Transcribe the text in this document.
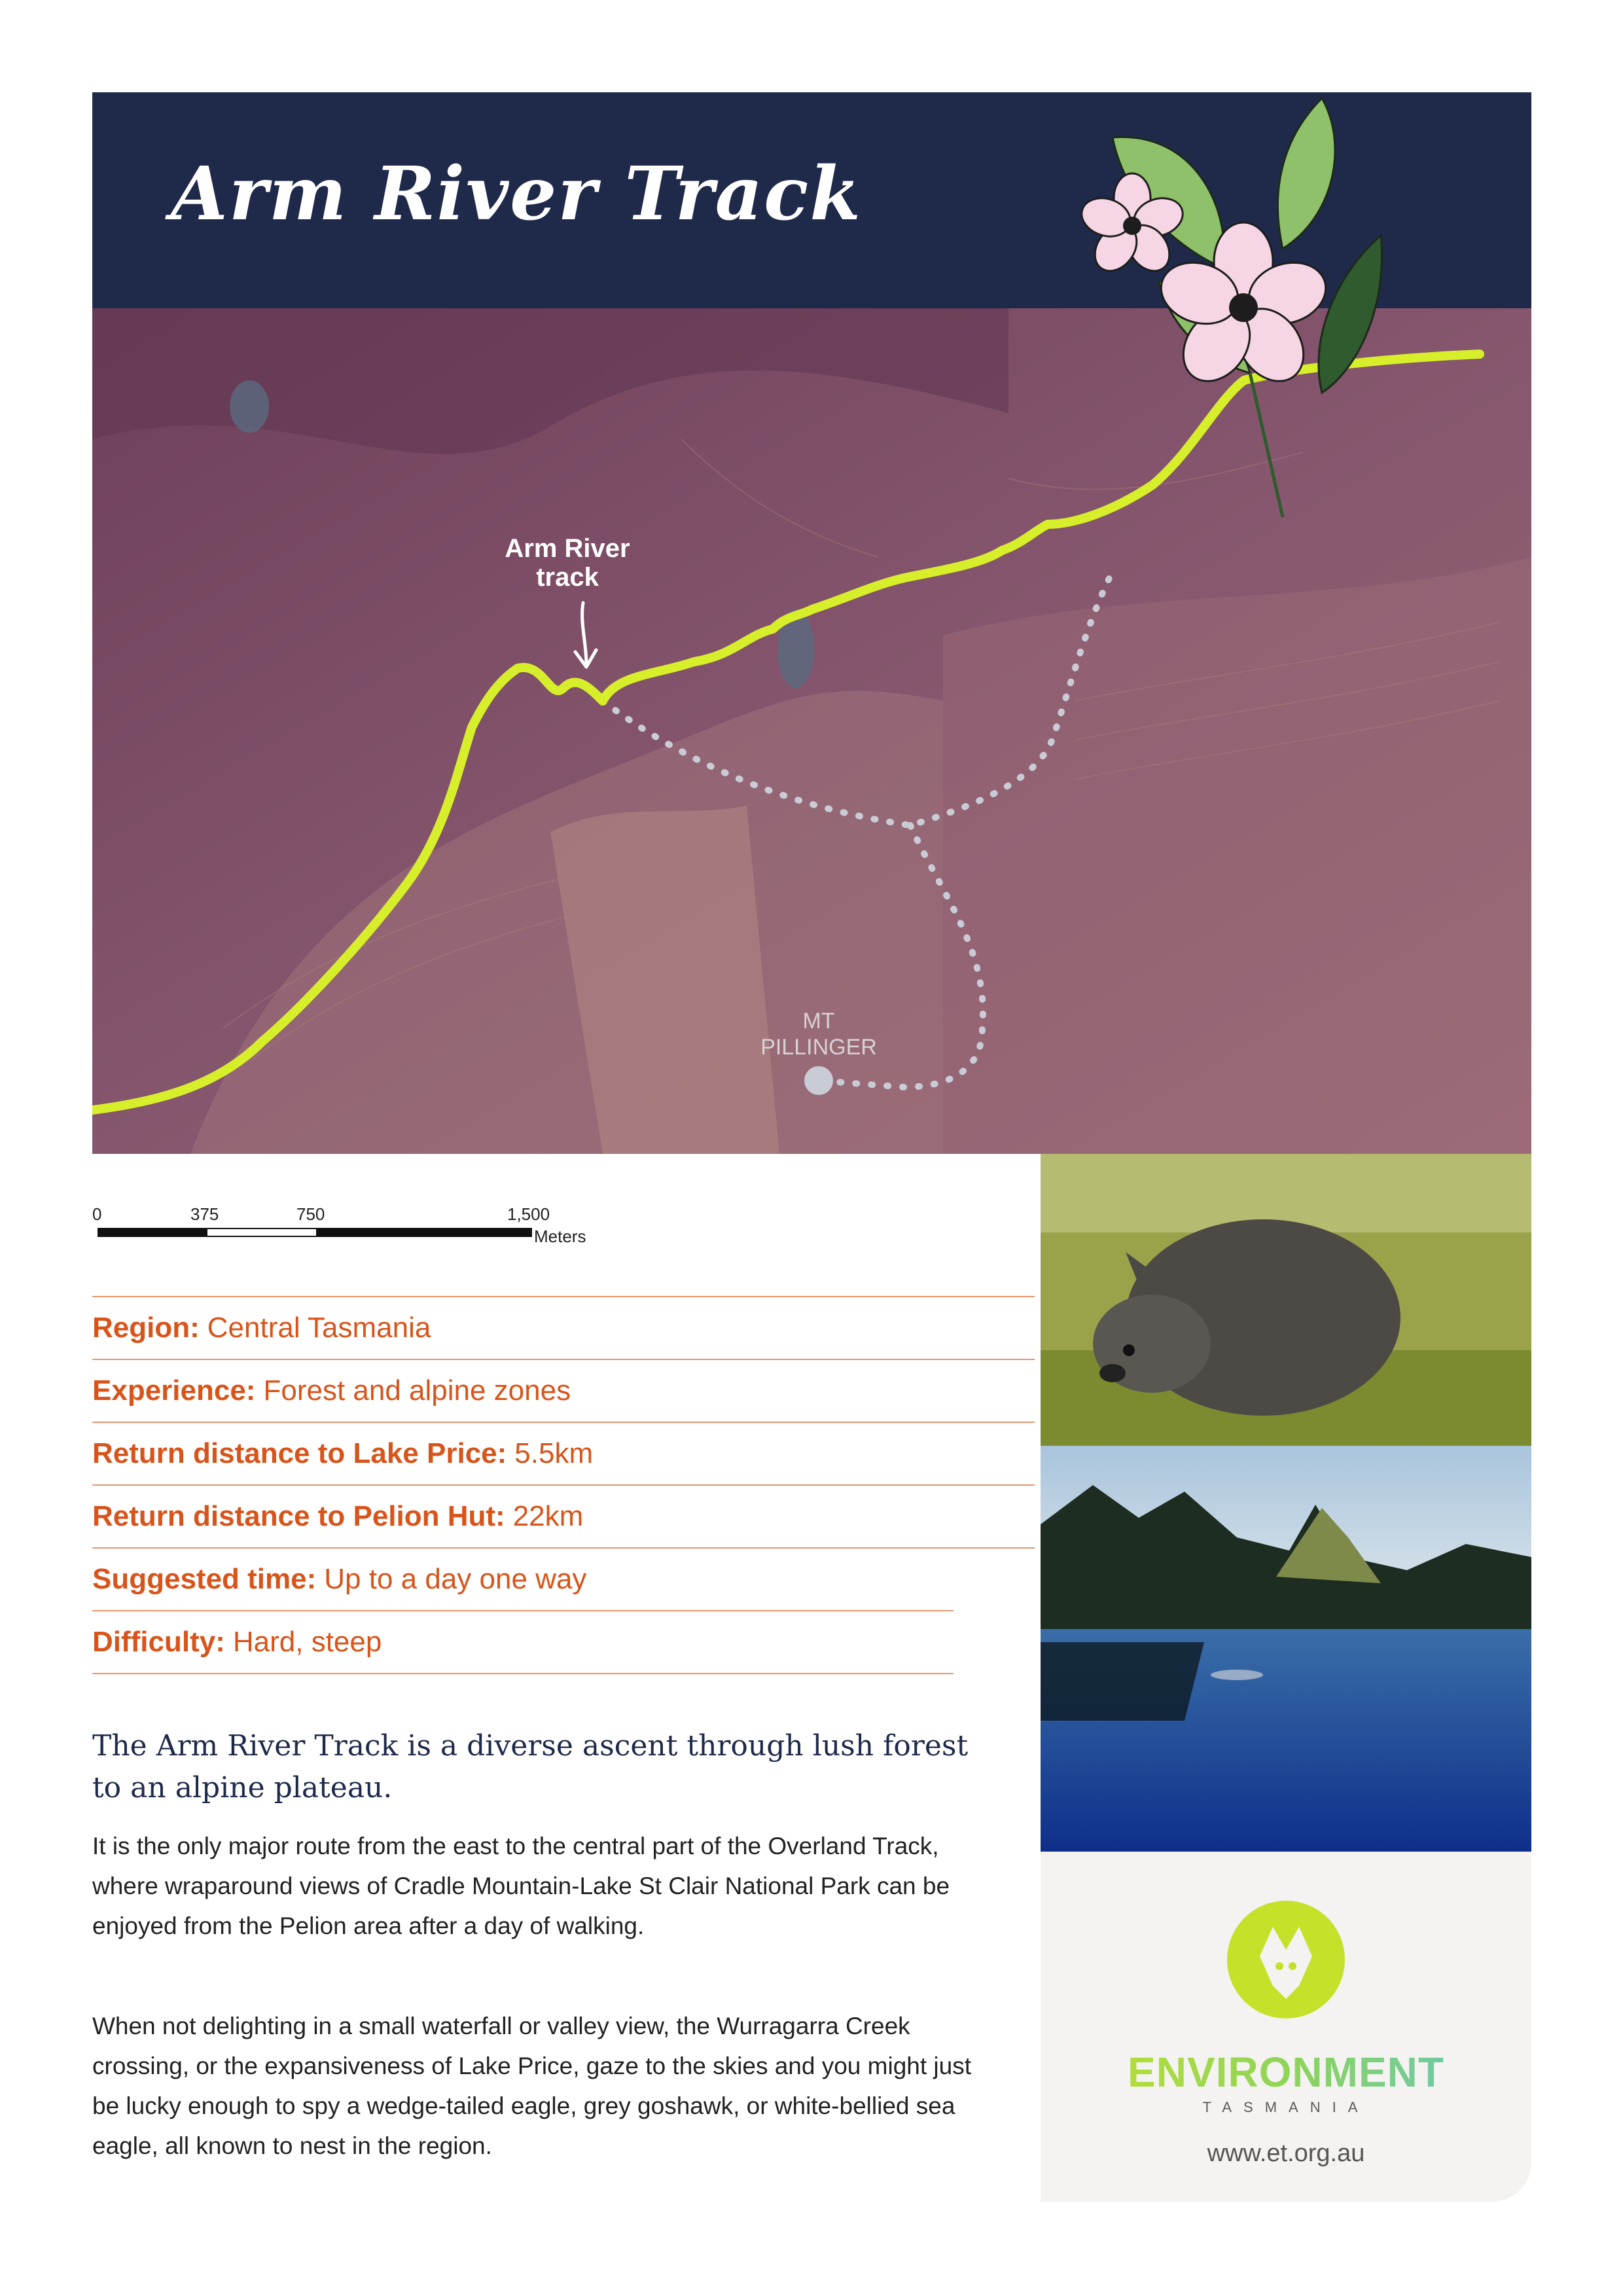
Arm River Track
Arm River
track
MT
PILLINGER
0	375	750	1,500
Meters
Region: Central Tasmania
Experience: Forest and alpine zones
Return distance to Lake Price: 5.5km
Return distance to Pelion Hut: 22km
Suggested time: Up to a day one way
Difficulty: Hard, steep
The Arm River Track is a diverse ascent through lush forest to an alpine plateau.
It is the only major route from the east to the central part of the Overland Track, where wraparound views of Cradle Mountain-Lake St Clair National Park can be enjoyed from the Pelion area after a day of walking.
When not delighting in a small waterfall or valley view, the Wurragarra Creek crossing, or the expansiveness of Lake Price, gaze to the skies and you might just be lucky enough to spy a wedge-tailed eagle, grey goshawk, or white-bellied sea eagle, all known to nest in the region.
ENVIRONMENT
TASMANIA
www.et.org.au
